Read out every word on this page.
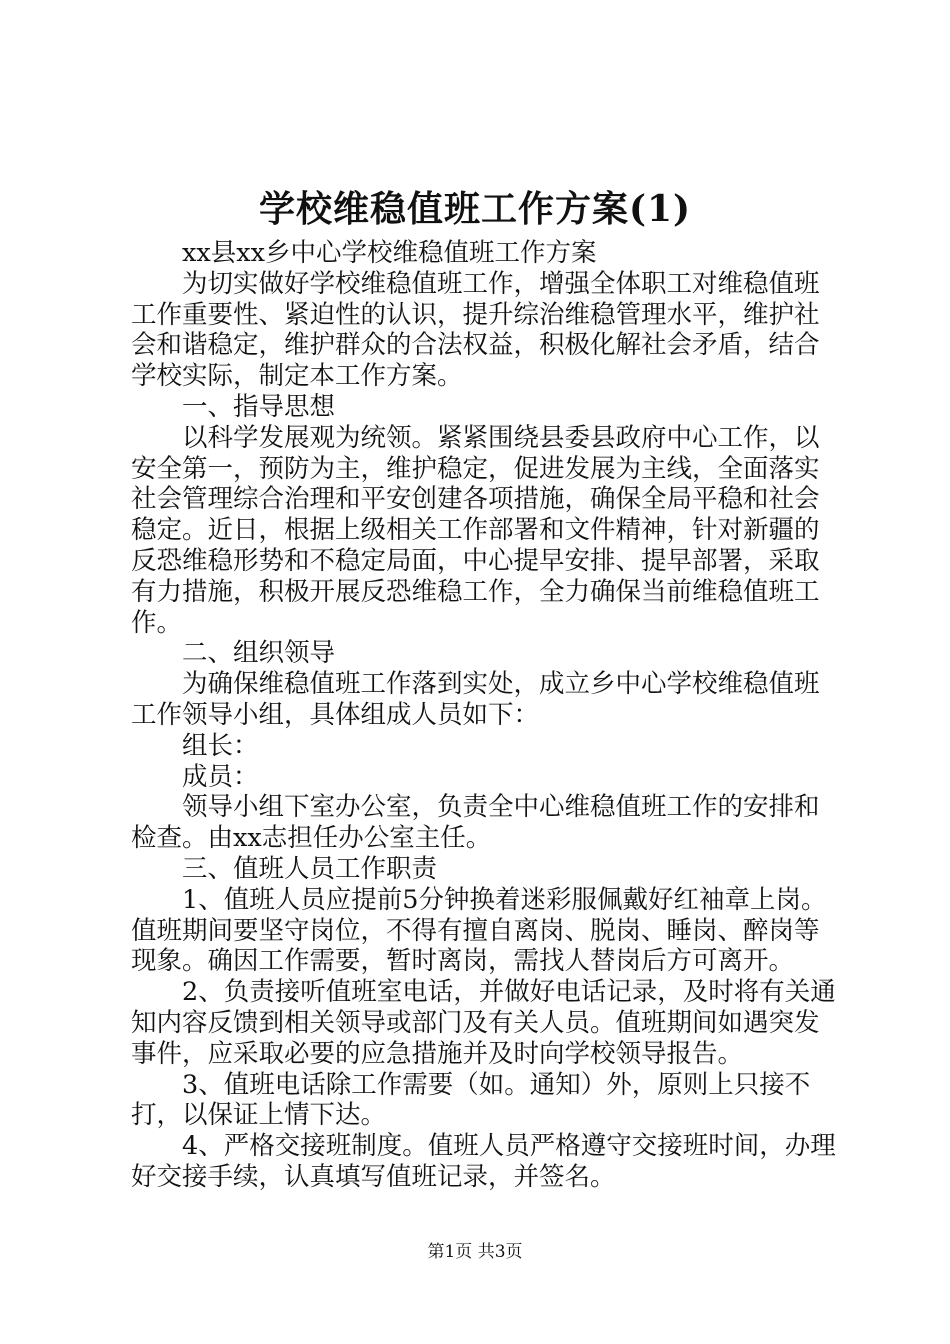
学校维稳值班工作方案(1)

xx县xx乡中心学校维稳值班工作方案

为切实做好学校维稳值班工作，增强全体职工对维稳值班工作重要性、紧迫性的认识，提升综治维稳管理水平，维护社会和谐稳定，维护群众的合法权益，积极化解社会矛盾，结合学校实际，制定本工作方案。

一、指导思想

以科学发展观为统领。紧紧围绕县委县政府中心工作，以安全第一，预防为主，维护稳定，促进发展为主线，全面落实社会管理综合治理和平安创建各项措施，确保全局平稳和社会稳定。近日，根据上级相关工作部署和文件精神，针对新疆的反恐维稳形势和不稳定局面，中心提早安排、提早部署，采取有力措施，积极开展反恐维稳工作，全力确保当前维稳值班工作。

二、组织领导

为确保维稳值班工作落到实处，成立乡中心学校维稳值班工作领导小组，具体组成人员如下：

组长：

成员：

领导小组下室办公室，负责全中心维稳值班工作的安排和检查。由xx志担任办公室主任。

三、值班人员工作职责

1、值班人员应提前5分钟换着迷彩服佩戴好红袖章上岗。值班期间要坚守岗位，不得有擅自离岗、脱岗、睡岗、醉岗等现象。确因工作需要，暂时离岗，需找人替岗后方可离开。

2、负责接听值班室电话，并做好电话记录，及时将有关通知内容反馈到相关领导或部门及有关人员。值班期间如遇突发事件，应采取必要的应急措施并及时向学校领导报告。

3、值班电话除工作需要（如。通知）外，原则上只接不打，以保证上情下达。

4、严格交接班制度。值班人员严格遵守交接班时间，办理好交接手续，认真填写值班记录，并签名。

第1页 共3页
